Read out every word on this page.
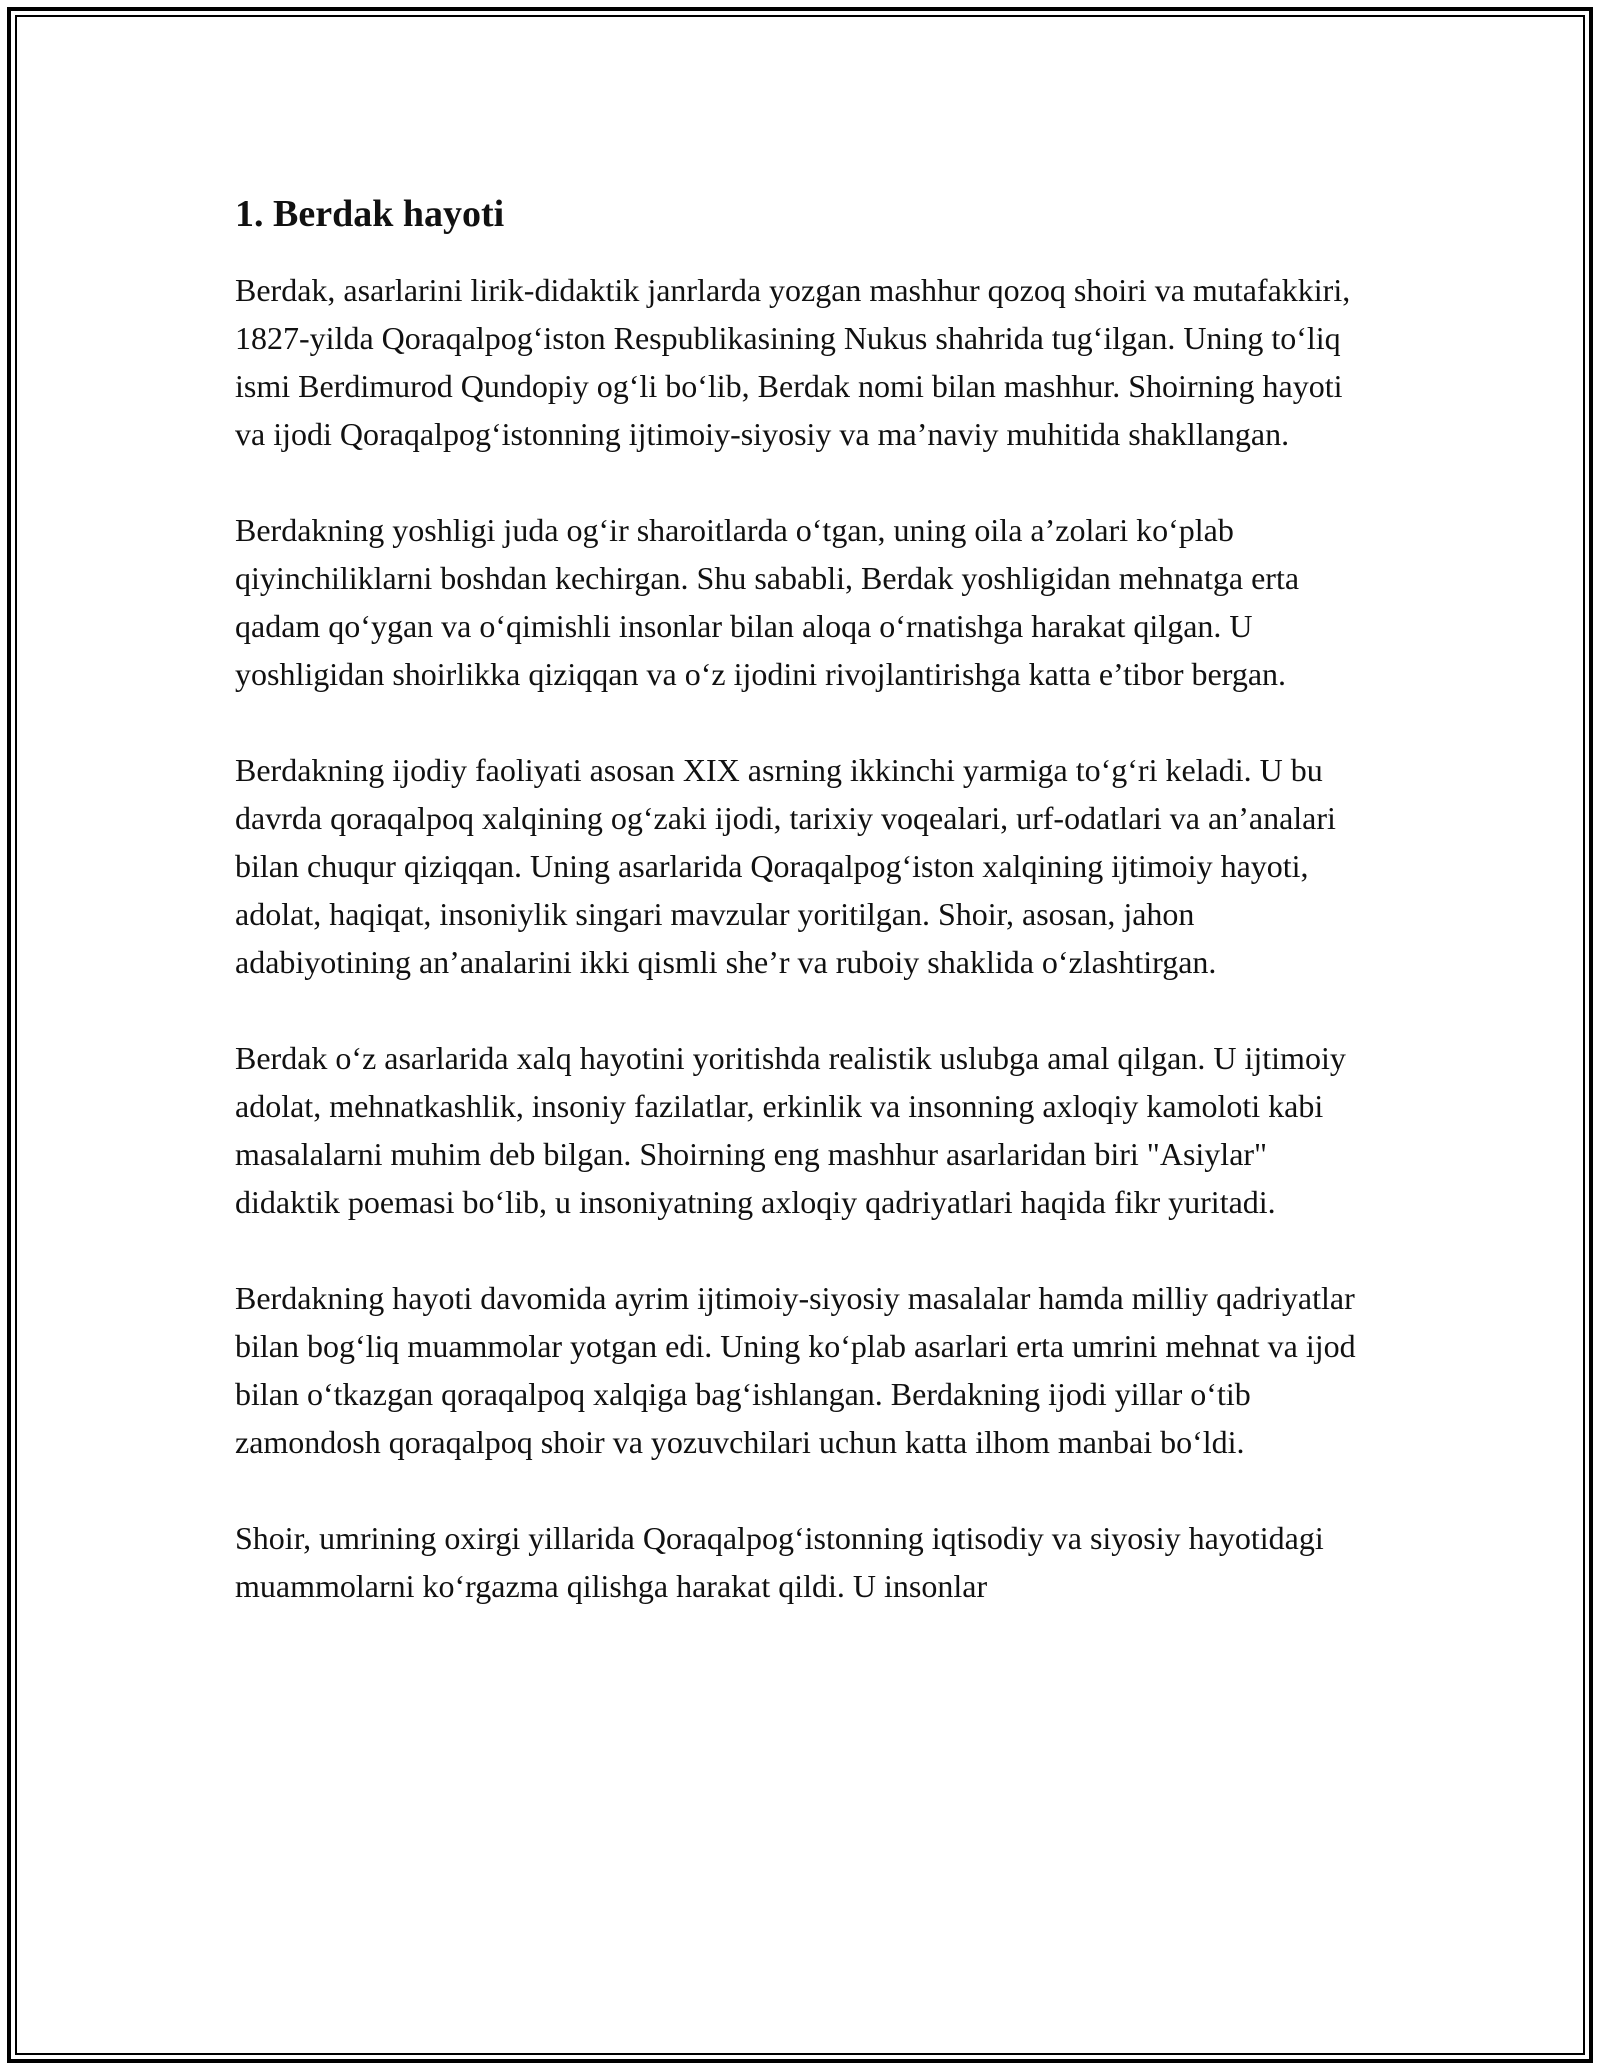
1. Berdak hayoti

Berdak, asarlarini lirik-didaktik janrlarda yozgan mashhur qozoq shoiri va mutafakkiri, 1827-yilda Qoraqalpog‘iston Respublikasining Nukus shahrida tug‘ilgan. Uning to‘liq ismi Berdimurod Qundopiy og‘li bo‘lib, Berdak nomi bilan mashhur. Shoirning hayoti va ijodi Qoraqalpog‘istonning ijtimoiy-siyosiy va ma’naviy muhitida shakllangan.

Berdakning yoshligi juda og‘ir sharoitlarda o‘tgan, uning oila a’zolari ko‘plab qiyinchiliklarni boshdan kechirgan. Shu sababli, Berdak yoshligidan mehnatga erta qadam qo‘ygan va o‘qimishli insonlar bilan aloqa o‘rnatishga harakat qilgan. U yoshligidan shoirlikka qiziqqan va o‘z ijodini rivojlantirishga katta e’tibor bergan.

Berdakning ijodiy faoliyati asosan XIX asrning ikkinchi yarmiga to‘g‘ri keladi. U bu davrda qoraqalpoq xalqining og‘zaki ijodi, tarixiy voqealari, urf-odatlari va an’analari bilan chuqur qiziqqan. Uning asarlarida Qoraqalpog‘iston xalqining ijtimoiy hayoti, adolat, haqiqat, insoniylik singari mavzular yoritilgan. Shoir, asosan, jahon adabiyotining an’analarini ikki qismli she’r va ruboiy shaklida o‘zlashtirgan.

Berdak o‘z asarlarida xalq hayotini yoritishda realistik uslubga amal qilgan. U ijtimoiy adolat, mehnatkashlik, insoniy fazilatlar, erkinlik va insonning axloqiy kamoloti kabi masalalarni muhim deb bilgan. Shoirning eng mashhur asarlaridan biri "Asiylar" didaktik poemasi bo‘lib, u insoniyatning axloqiy qadriyatlari haqida fikr yuritadi.

Berdakning hayoti davomida ayrim ijtimoiy-siyosiy masalalar hamda milliy qadriyatlar bilan bog‘liq muammolar yotgan edi. Uning ko‘plab asarlari erta umrini mehnat va ijod bilan o‘tkazgan qoraqalpoq xalqiga bag‘ishlangan. Berdakning ijodi yillar o‘tib zamondosh qoraqalpoq shoir va yozuvchilari uchun katta ilhom manbai bo‘ldi.

Shoir, umrining oxirgi yillarida Qoraqalpog‘istonning iqtisodiy va siyosiy hayotidagi muammolarni ko‘rgazma qilishga harakat qildi. U insonlar
